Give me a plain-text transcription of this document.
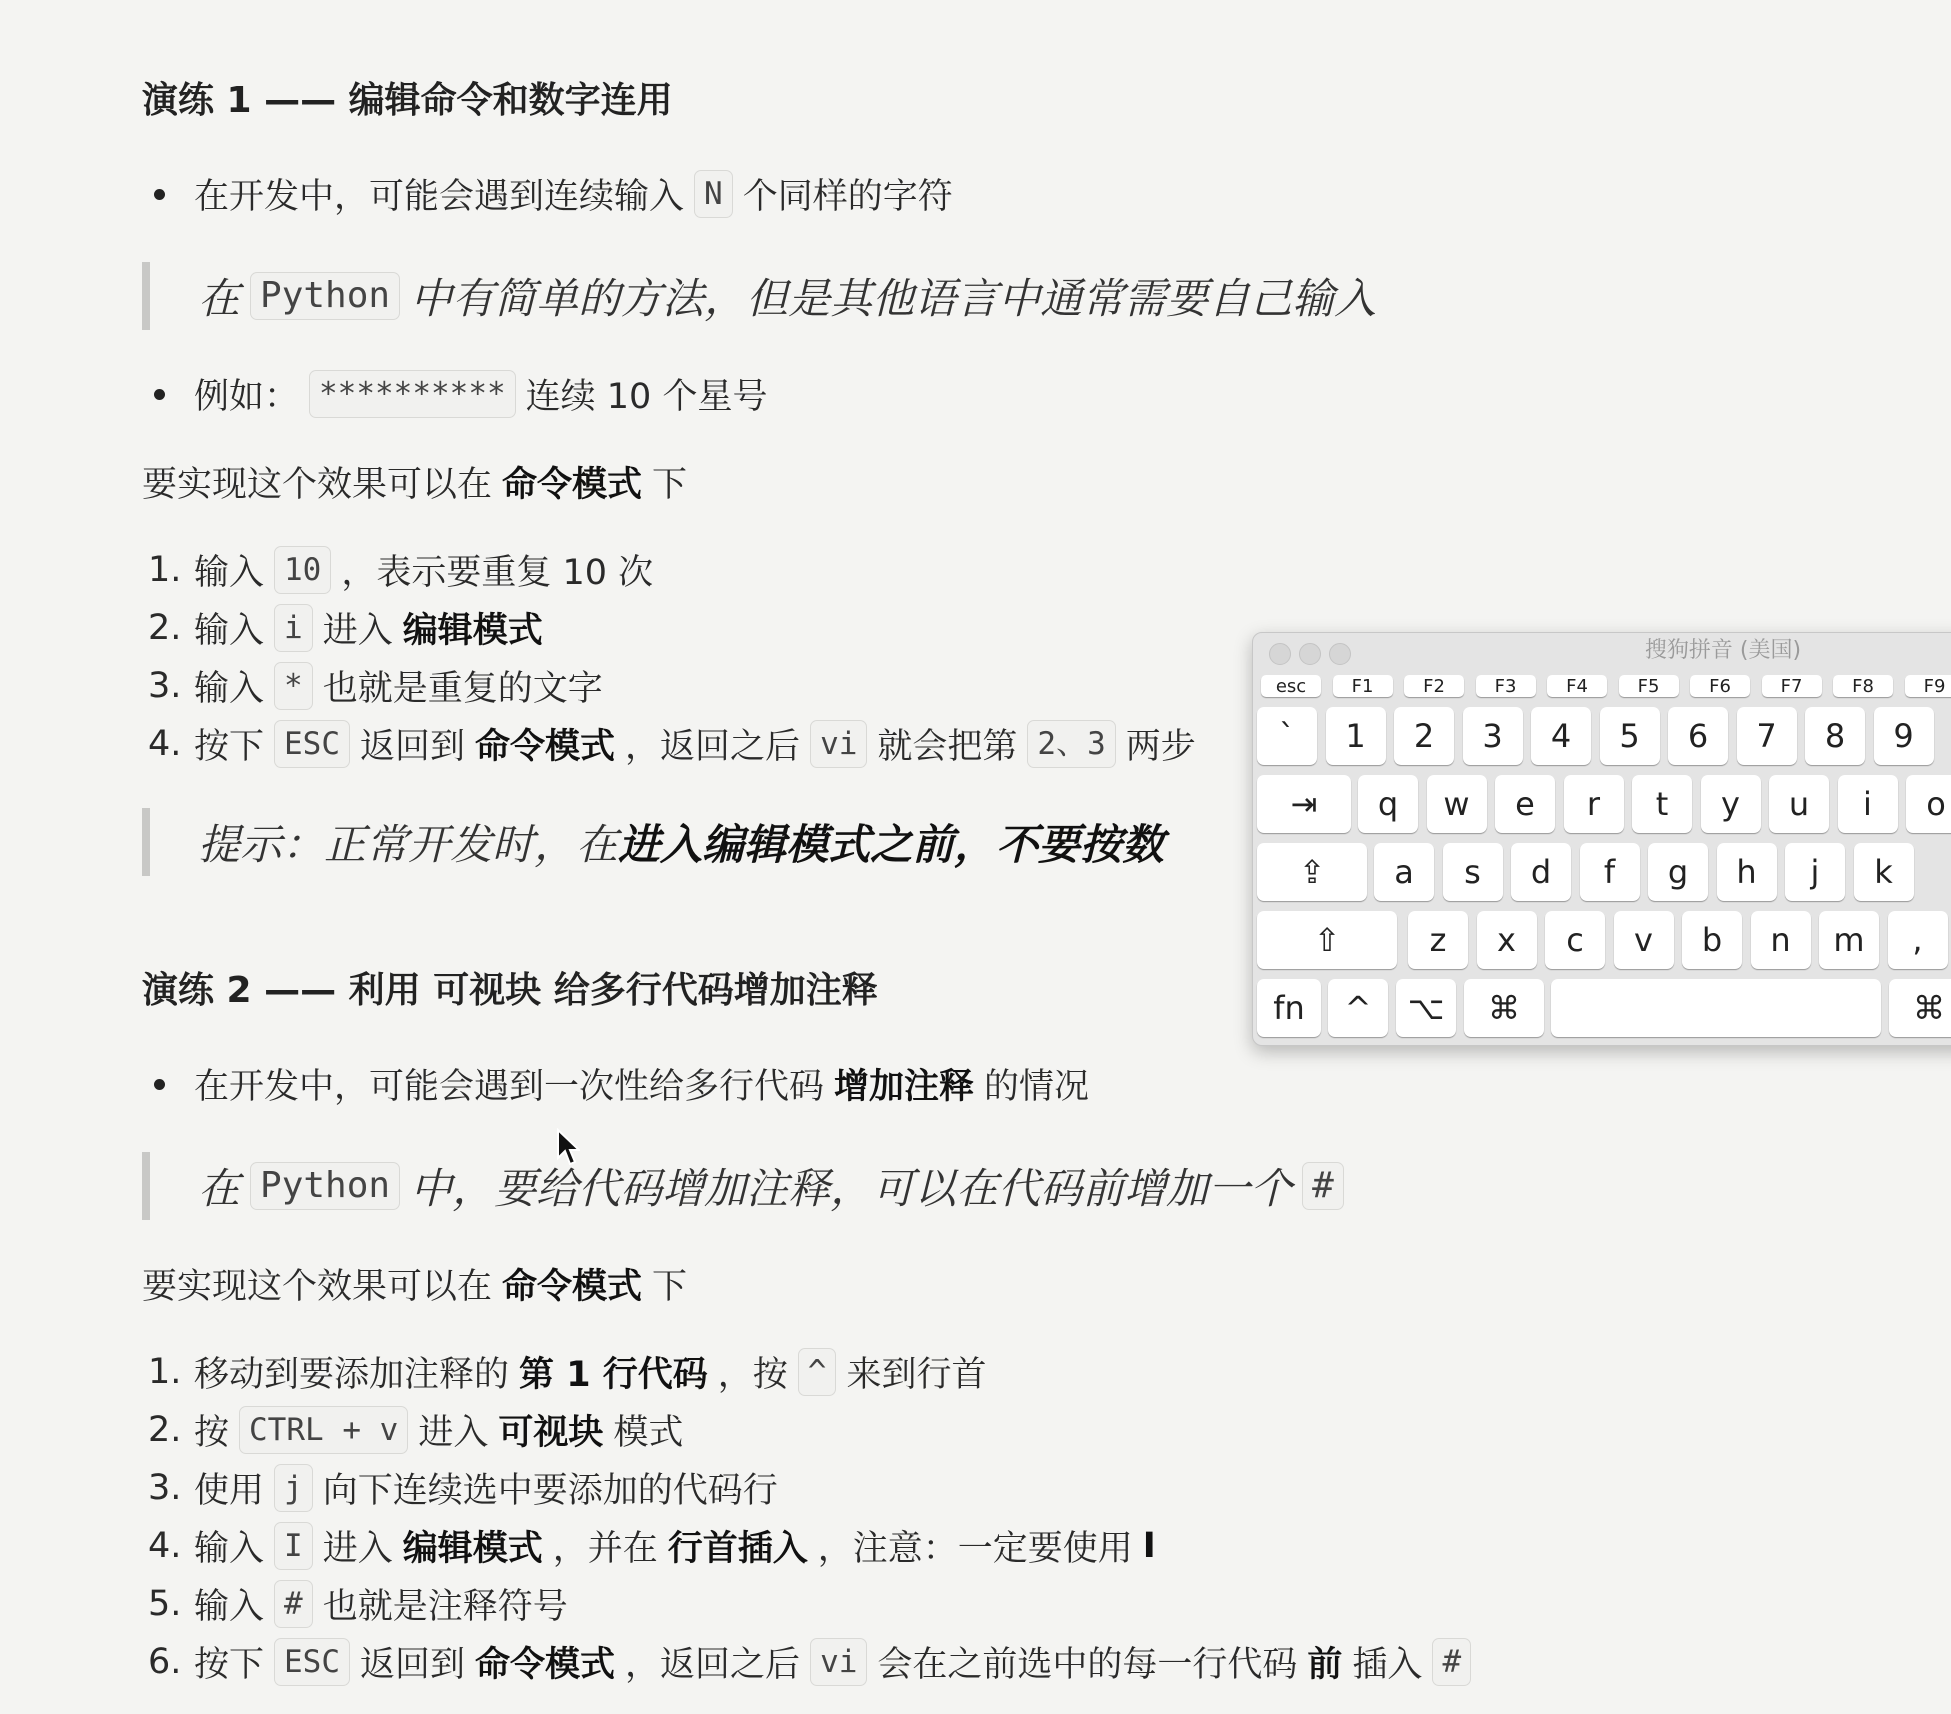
演练 1 —— 编辑命令和数字连用
在开发中，可能会遇到连续输入 N 个同样的字符
在 Python 中有简单的方法，但是其他语言中通常需要自己输入
例如： ********** 连续 10 个星号
要实现这个效果可以在 命令模式 下
1. 输入 10 ，表示要重复 10 次
2. 输入 i 进入 编辑模式
3. 输入 * 也就是重复的文字
4. 按下 ESC 返回到 命令模式 ，返回之后 vi 就会把第 2、3 两步
提示：正常开发时，在 进入编辑模式之前，不要按数
演练 2 —— 利用 可视块 给多行代码增加注释
在开发中，可能会遇到一次性给多行代码 增加注释 的情况
在 Python 中，要给代码增加注释，可以在代码前增加一个 #
要实现这个效果可以在 命令模式 下
1. 移动到要添加注释的 第 1 行代码 ，按 ^ 来到行首
2. 按 CTRL + v 进入 可视块 模式
3. 使用 j 向下连续选中要添加的代码行
4. 输入 I 进入 编辑模式 ，并在 行首插入 ，注意：一定要使用 I
5. 输入 # 也就是注释符号
6. 按下 ESC 返回到 命令模式 ，返回之后 vi 会在之前选中的每一行代码 前 插入 #
搜狗拼音 (美国)
esc	F1	F2	F3	F4	F5	F6	F7	F8	F9
`	1	2	3	4	5	6	7	8	9
⇥	q	w	e	r	t	y	u	i	o
⇪	a	s	d	f	g	h	j	k
⇧	z	x	c	v	b	n	m	,
fn	^	⌥	⌘	⌘
